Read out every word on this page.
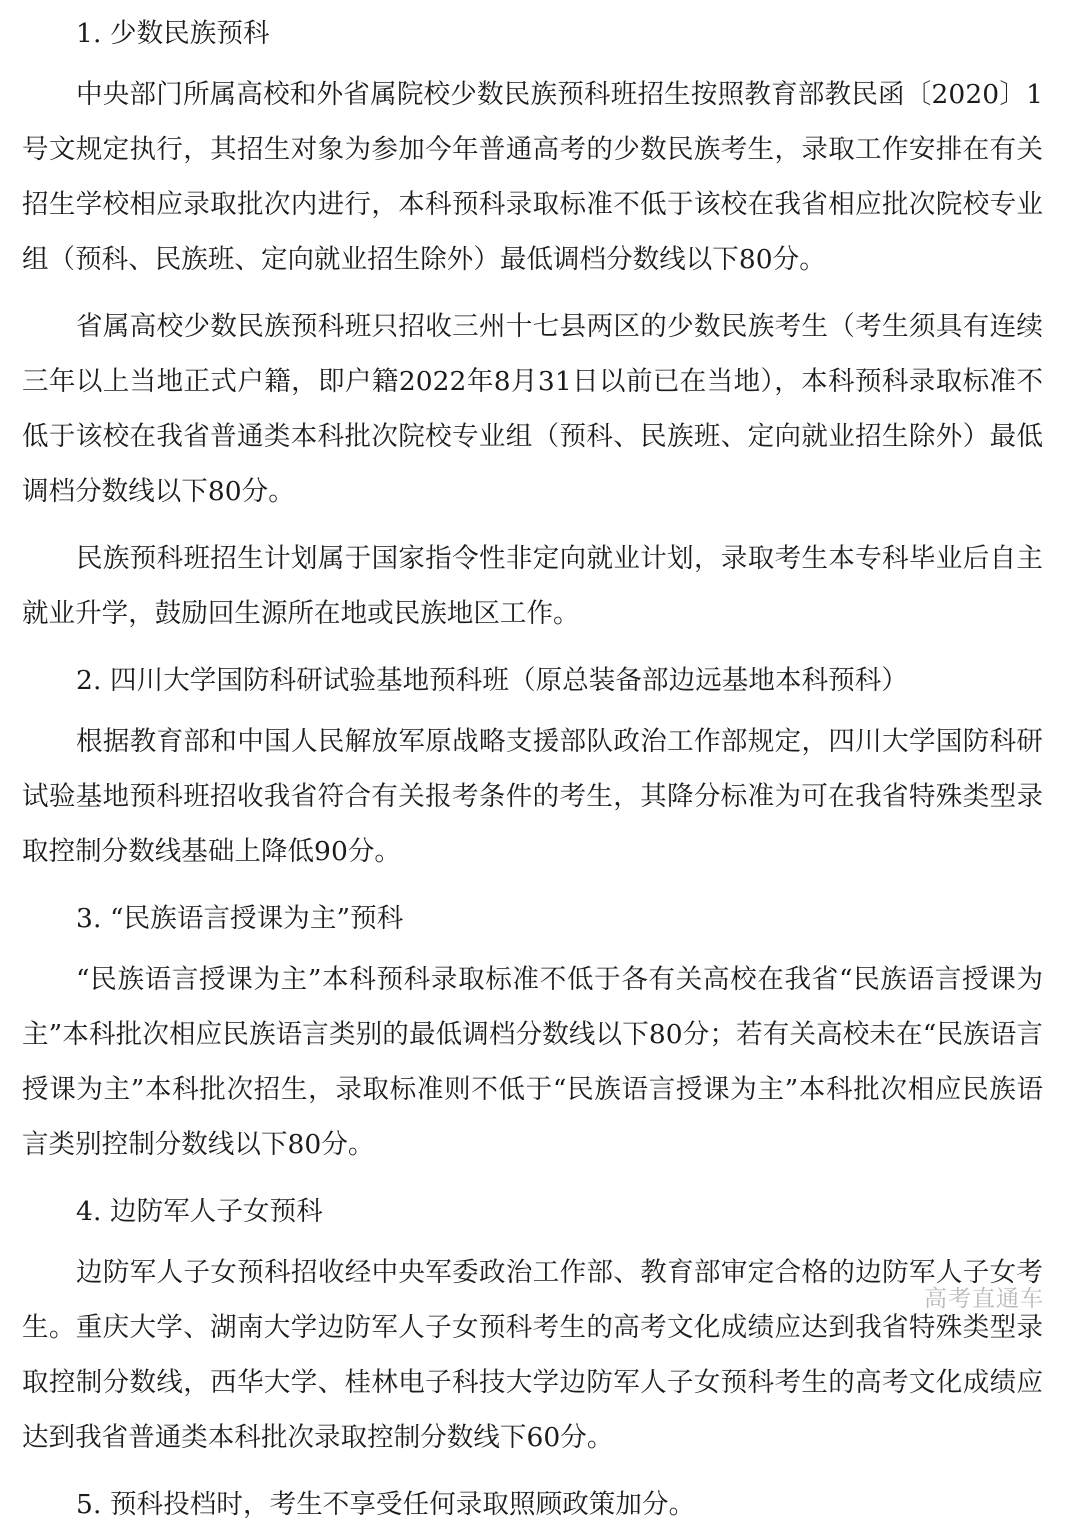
1. 少数民族预科

中央部门所属高校和外省属院校少数民族预科班招生按照教育部教民函〔2020〕1号文规定执行，其招生对象为参加今年普通高考的少数民族考生，录取工作安排在有关招生学校相应录取批次内进行，本科预科录取标准不低于该校在我省相应批次院校专业组（预科、民族班、定向就业招生除外）最低调档分数线以下80分。

省属高校少数民族预科班只招收三州十七县两区的少数民族考生（考生须具有连续三年以上当地正式户籍，即户籍2022年8月31日以前已在当地），本科预科录取标准不低于该校在我省普通类本科批次院校专业组（预科、民族班、定向就业招生除外）最低调档分数线以下80分。

民族预科班招生计划属于国家指令性非定向就业计划，录取考生本专科毕业后自主就业升学，鼓励回生源所在地或民族地区工作。

2. 四川大学国防科研试验基地预科班（原总装备部边远基地本科预科）

根据教育部和中国人民解放军原战略支援部队政治工作部规定，四川大学国防科研试验基地预科班招收我省符合有关报考条件的考生，其降分标准为可在我省特殊类型录取控制分数线基础上降低90分。

3. “民族语言授课为主”预科

“民族语言授课为主”本科预科录取标准不低于各有关高校在我省“民族语言授课为主”本科批次相应民族语言类别的最低调档分数线以下80分；若有关高校未在“民族语言授课为主”本科批次招生，录取标准则不低于“民族语言授课为主”本科批次相应民族语言类别控制分数线以下80分。

4. 边防军人子女预科

边防军人子女预科招收经中央军委政治工作部、教育部审定合格的边防军人子女考生。重庆大学、湖南大学边防军人子女预科考生的高考文化成绩应达到我省特殊类型录取控制分数线，西华大学、桂林电子科技大学边防军人子女预科考生的高考文化成绩应达到我省普通类本科批次录取控制分数线下60分。

5. 预科投档时，考生不享受任何录取照顾政策加分。

高考直通车
